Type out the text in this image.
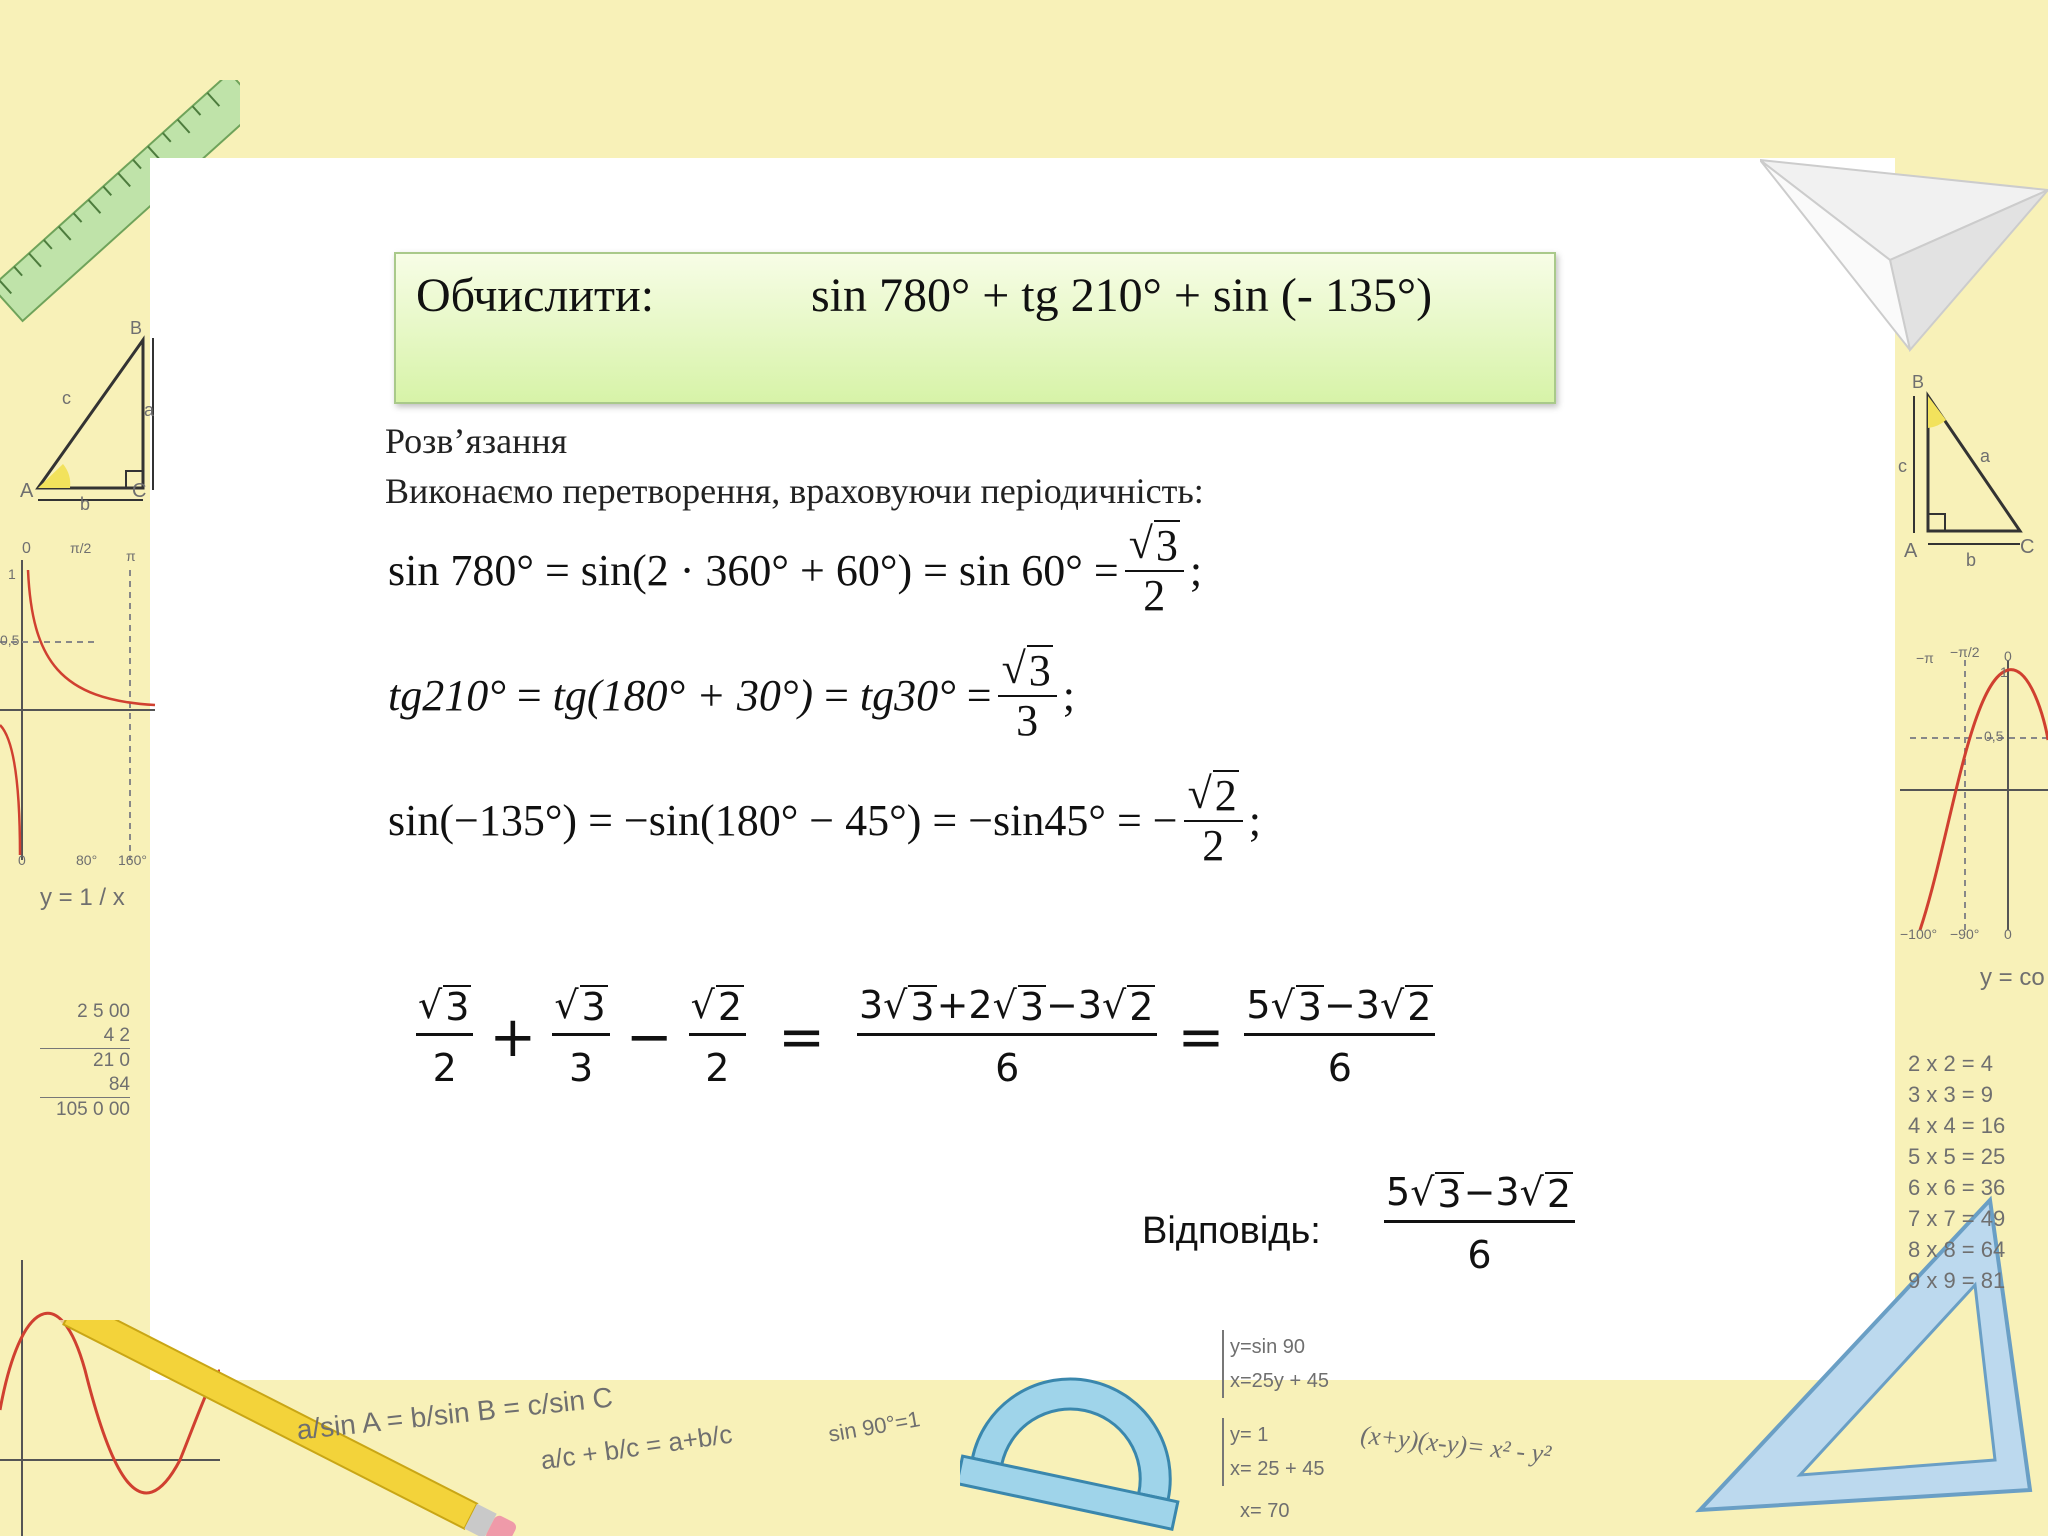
A
B
C
a
b
c
0	π/2 π
0,5
1
0	80° 160°
y = 1 / x
2 5 00
4 2
21 0
84
105 0 00
a/sin A = b/sin B = c/sin C
a/c + b/c = a+b/c	sin 90°=1
y=sin 90
x=25y + 45
y= 1
x= 25 + 45
x= 70
(x+y)(x-y)= x² - y²
A
B
C
a
b
c
−π −π/2 0
1
0,5
−100° −90° 0
y = co
2 x 2 = 4
3 x 3 = 9
4 x 4 = 16
5 x 5 = 25
6 x 6 = 36
7 x 7 = 49
8 x 8 = 64
9 x 9 = 81
Обчислити:	sin 780° + tg 210° + sin (- 135°)
Розв’язання
Виконаємо перетворення, враховуючи періодичність:
sin 780°
=
sin(2 · 360° + 60°)
=
sin 60°
= $\frac{√ 3}{2}$ ;
tg210°
=
tg(180° + 30°)
=
tg30°
= $\frac{√ 3}{3}$ ;
sin(−135°)
=
−sin(180° − 45°)
=
−sin45°
= − $\frac{√ 2}{2}$ ;
$\frac{√ 3}{2} + \frac{√ 3}{3} - \frac{√ 2}{2} = \frac{3√ 3 +2√ 3 -3√ 2}{6} = \frac{5√ 3 -3√ 2}{6}$
Відповідь: $\frac{5√ 3 -3√ 2}{6}$
